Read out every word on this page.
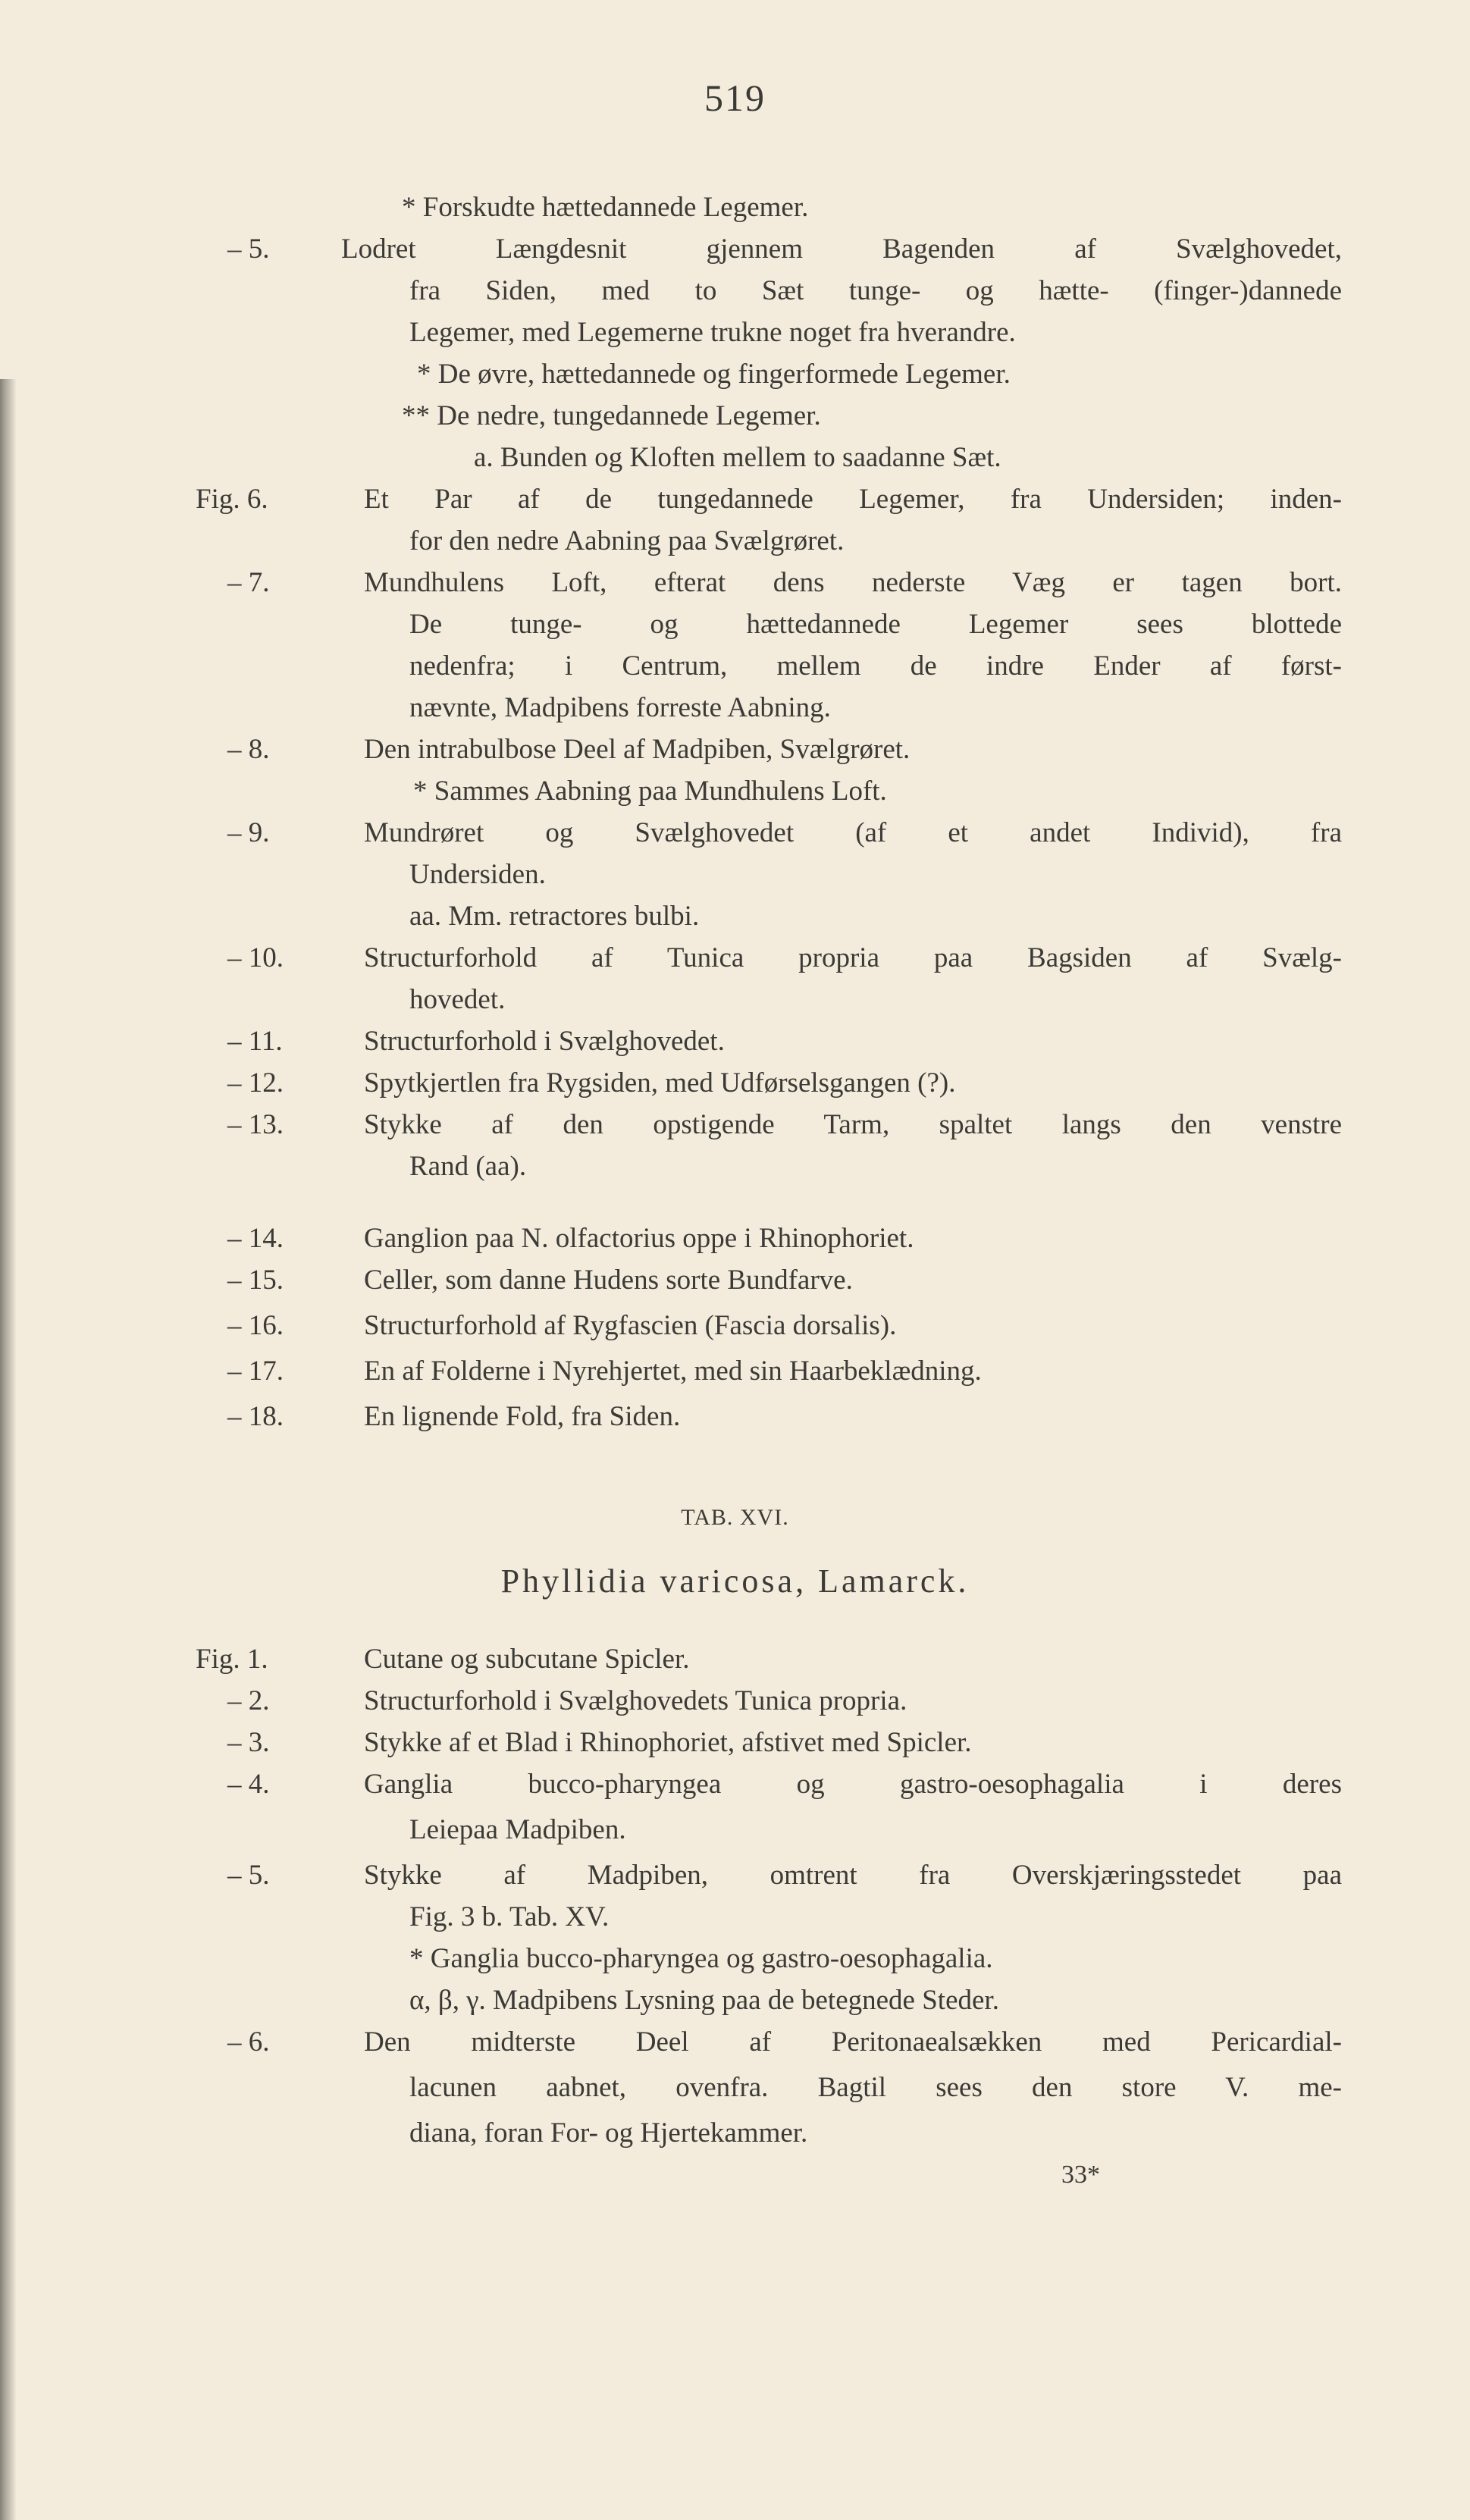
519
* Forskudte hættedannede Legemer.
Lodret Længdesnit gjennem Bagenden af Svælghovedet,
fra Siden, med to Sæt tunge- og hætte- (finger-)dannede
Legemer, med Legemerne trukne noget fra hverandre.
* De øvre, hættedannede og fingerformede Legemer.
** De nedre, tungedannede Legemer.
a. Bunden og Kloften mellem to saadanne Sæt.
Et Par af de tungedannede Legemer, fra Undersiden; inden-
for den nedre Aabning paa Svælgrøret.
Mundhulens Loft, efterat dens nederste Væg er tagen bort.
De tunge- og hættedannede Legemer sees blottede
nedenfra; i Centrum, mellem de indre Ender af først-
nævnte, Madpibens forreste Aabning.
Den intrabulbose Deel af Madpiben, Svælgrøret.
* Sammes Aabning paa Mundhulens Loft.
Mundrøret og Svælghovedet (af et andet Individ), fra
Undersiden.
aa. Mm. retractores bulbi.
Structurforhold af Tunica propria paa Bagsiden af Svælg-
hovedet.
Structurforhold i Svælghovedet.
Spytkjertlen fra Rygsiden, med Udførselsgangen (?).
Stykke af den opstigende Tarm, spaltet langs den venstre
Rand (aa).
Ganglion paa N. olfactorius oppe i Rhinophoriet.
Celler, som danne Hudens sorte Bundfarve.
Structurforhold af Rygfascien (Fascia dorsalis).
En af Folderne i Nyrehjertet, med sin Haarbeklædning.
En lignende Fold, fra Siden.
– 5.
Fig. 6.
– 7.
– 8.
– 9.
– 10.
– 11.
– 12.
– 13.
– 14.
– 15.
– 16.
– 17.
– 18.
TAB. XVI.
Phyllidia varicosa, Lamarck.
Cutane og subcutane Spicler.
Structurforhold i Svælghovedets Tunica propria.
Stykke af et Blad i Rhinophoriet, afstivet med Spicler.
Ganglia bucco-pharyngea og gastro-oesophagalia i deres
Leiepaa Madpiben.
Stykke af Madpiben, omtrent fra Overskjæringsstedet paa
Fig. 3 b. Tab. XV.
* Ganglia bucco-pharyngea og gastro-oesophagalia.
α, β, γ. Madpibens Lysning paa de betegnede Steder.
Den midterste Deel af Peritonaealsækken med Pericardial-
lacunen aabnet, ovenfra. Bagtil sees den store V. me-
diana, foran For- og Hjertekammer.
Fig. 1.
– 2.
– 3.
– 4.
– 5.
– 6.
33*
